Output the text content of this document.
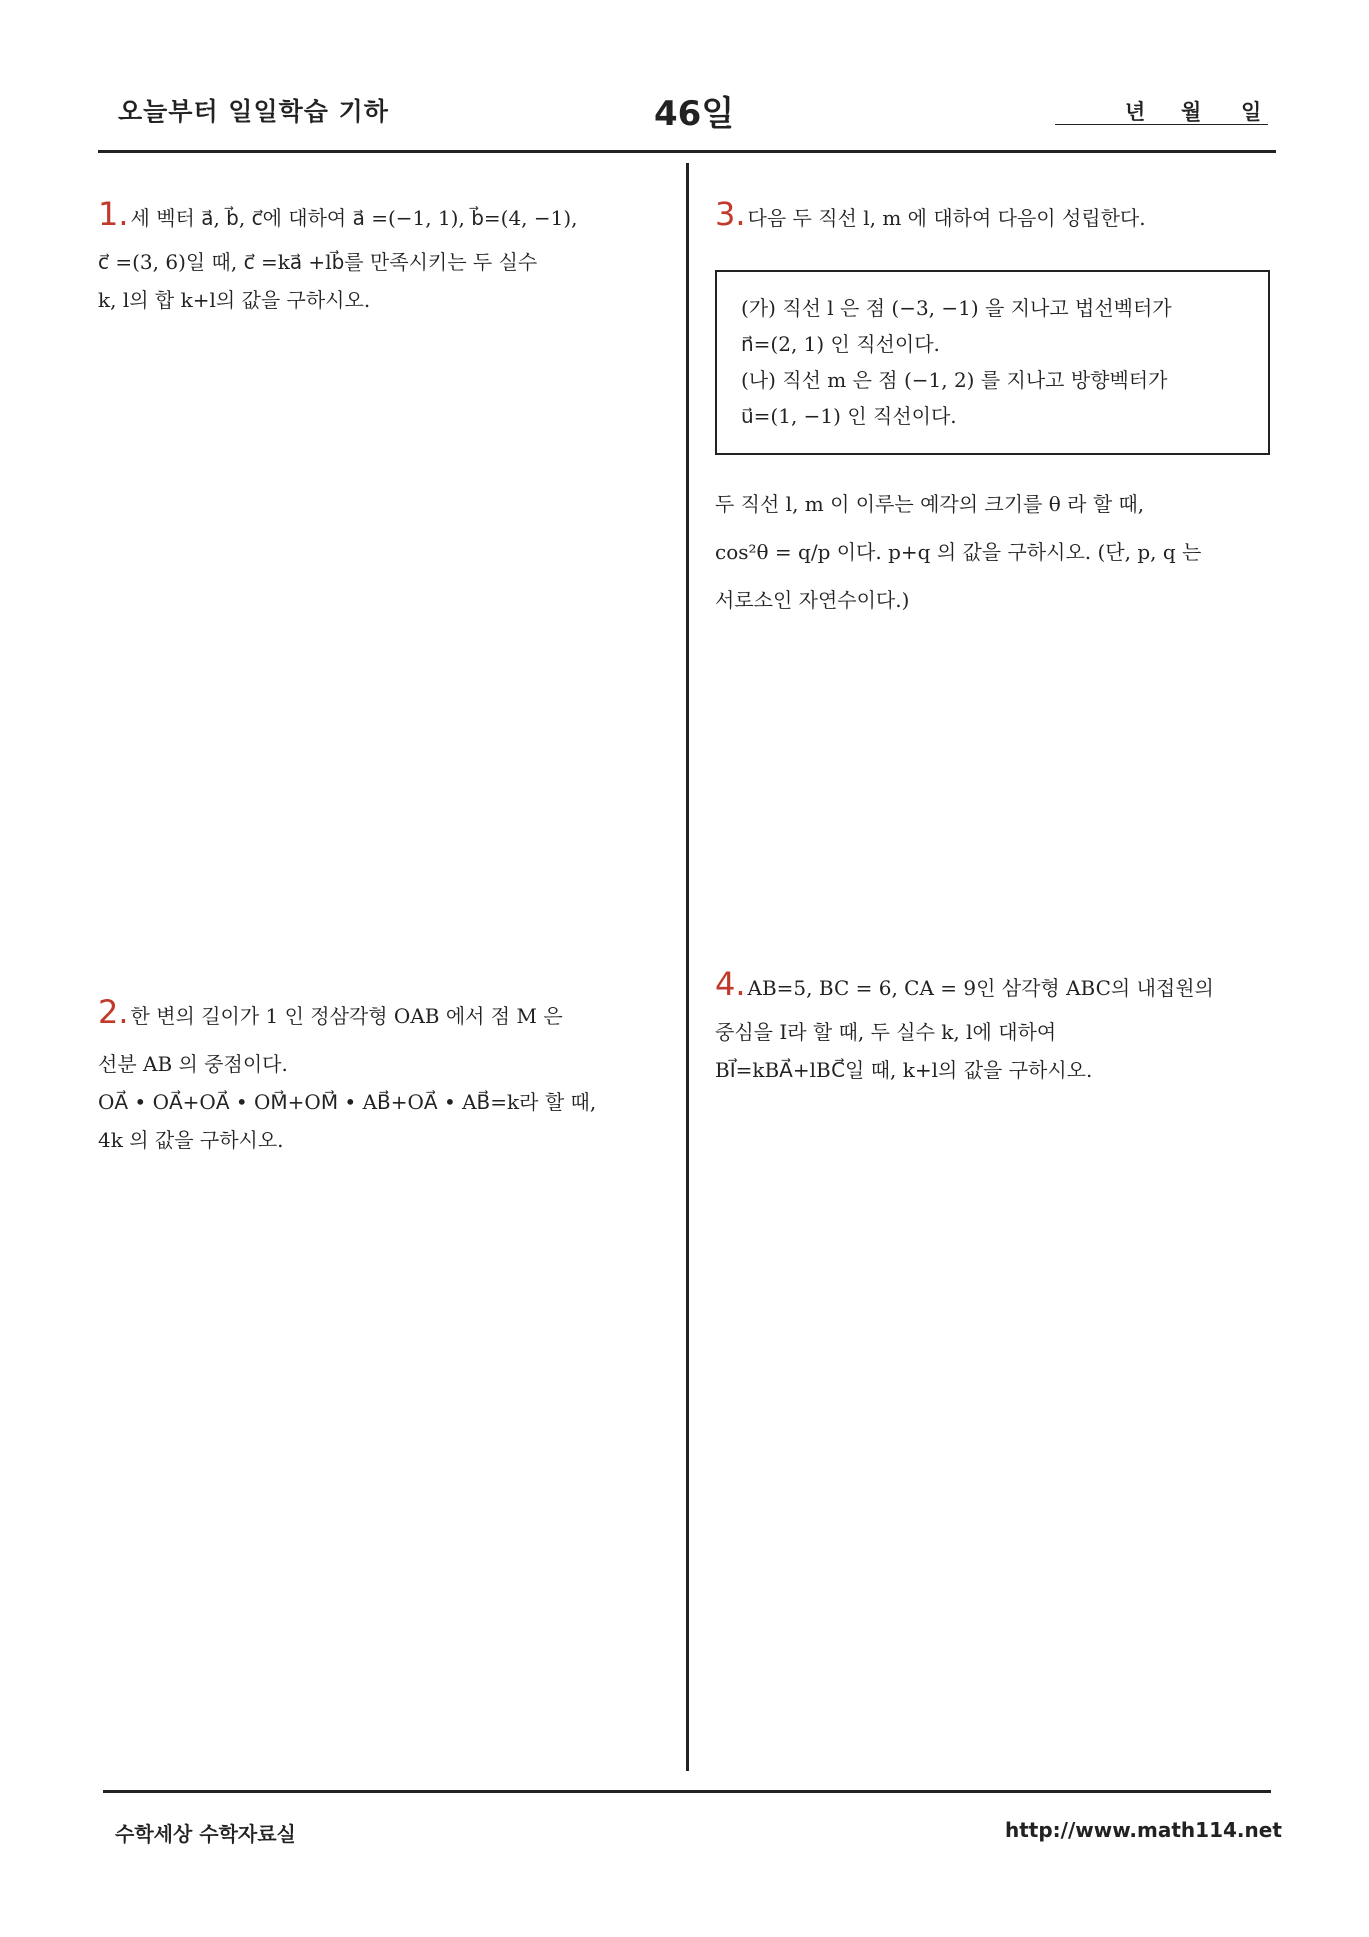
오늘부터 일일학습 기하	46일	년 월 일
1. 세 벡터 a⃗, b⃗, c⃗에 대하여 a⃗ =(−1, 1), b⃗=(4, −1),
c⃗ =(3, 6)일 때, c⃗ =ka⃗ +lb⃗를 만족시키는 두 실수
k, l의 합 k+l의 값을 구하시오.
2. 한 변의 길이가 1 인 정삼각형 OAB 에서 점 M 은
선분 AB 의 중점이다.
OA⃗ • OA⃗+OA⃗ • OM⃗+OM⃗ • AB⃗+OA⃗ • AB⃗=k라 할 때,
4k 의 값을 구하시오.
3. 다음 두 직선 l, m 에 대하여 다음이 성립한다.
(가) 직선 l 은 점 (−3, −1) 을 지나고 법선벡터가
n⃗=(2, 1) 인 직선이다.
(나) 직선 m 은 점 (−1, 2) 를 지나고 방향벡터가
u⃗=(1, −1) 인 직선이다.
두 직선 l, m 이 이루는 예각의 크기를 θ 라 할 때,
cos²θ = q/p 이다. p+q 의 값을 구하시오. (단, p, q 는
서로소인 자연수이다.)
4. AB=5, BC = 6, CA = 9인 삼각형 ABC의 내접원의
중심을 I라 할 때, 두 실수 k, l에 대하여
BI⃗=kBA⃗+lBC⃗일 때, k+l의 값을 구하시오.
수학세상 수학자료실	http://www.math114.net
